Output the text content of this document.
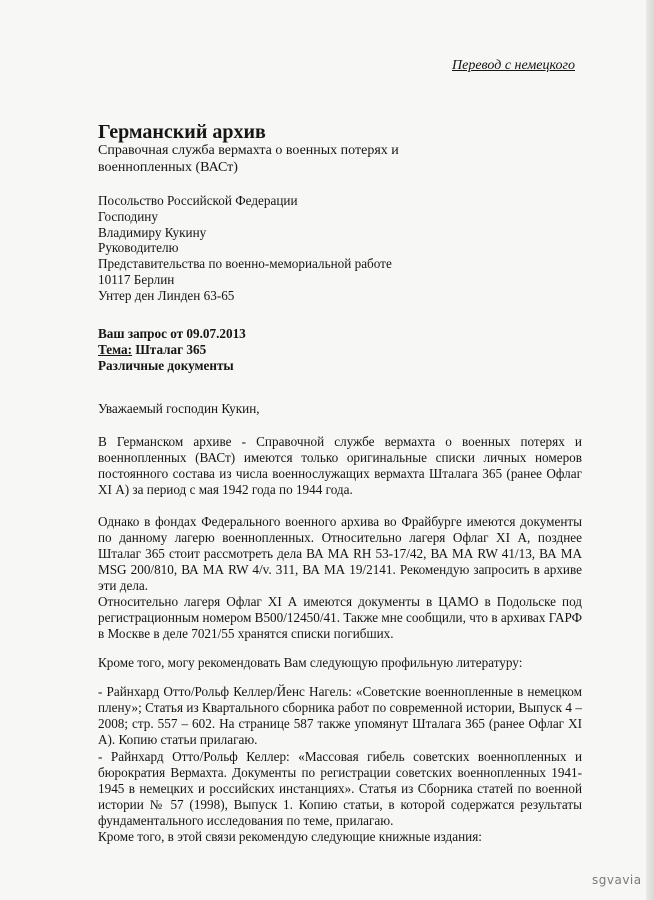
Перевод с немецкого
Германский архив
Справочная служба вермахта о военных потерях и военнопленных (ВАСт)
Посольство Российской Федерации
Господину
Владимиру Кукину
Руководителю
Представительства по военно-мемориальной работе
10117 Берлин
Унтер ден Линден 63-65
Ваш запрос от 09.07.2013
Тема: Шталаг 365
Различные документы
Уважаемый господин Кукин,
В Германском архиве - Справочной службе вермахта о военных потерях и военнопленных (ВАСт) имеются только оригинальные списки личных номеров постоянного состава из числа военнослужащих вермахта Шталага 365 (ранее Офлаг XI А) за период с мая 1942 года по 1944 года.
Однако в фондах Федерального военного архива во Фрайбурге имеются документы по данному лагерю военнопленных. Относительно лагеря Офлаг XI А, позднее Шталаг 365 стоит рассмотреть дела ВА МА RH 53-17/42, ВА МА RW 41/13, ВА МА MSG 200/810, ВА МА RW 4/v. 311, ВА МА 19/2141. Рекомендую запросить в архиве эти дела.
Относительно лагеря Офлаг XI А имеются документы в ЦАМО в Подольске под регистрационным номером В500/12450/41. Также мне сообщили, что в архивах ГАРФ в Москве в деле 7021/55 хранятся списки погибших.
Кроме того, могу рекомендовать Вам следующую профильную литературу:
- Райнхард Отто/Рольф Келлер/Йенс Нагель: «Советские военнопленные в немецком плену»; Статья из Квартального сборника работ по современной истории, Выпуск 4 – 2008; стр. 557 – 602. На странице 587 также упомянут Шталага 365 (ранее Офлаг XI А). Копию статьи прилагаю.
- Райнхард Отто/Рольф Келлер: «Массовая гибель советских военнопленных и бюрократия Вермахта. Документы по регистрации советских военнопленных 1941-1945 в немецких и российских инстанциях». Статья из Сборника статей по военной истории № 57 (1998), Выпуск 1. Копию статьи, в которой содержатся результаты фундаментального исследования по теме, прилагаю.
Кроме того, в этой связи рекомендую следующие книжные издания:
sgvavia
